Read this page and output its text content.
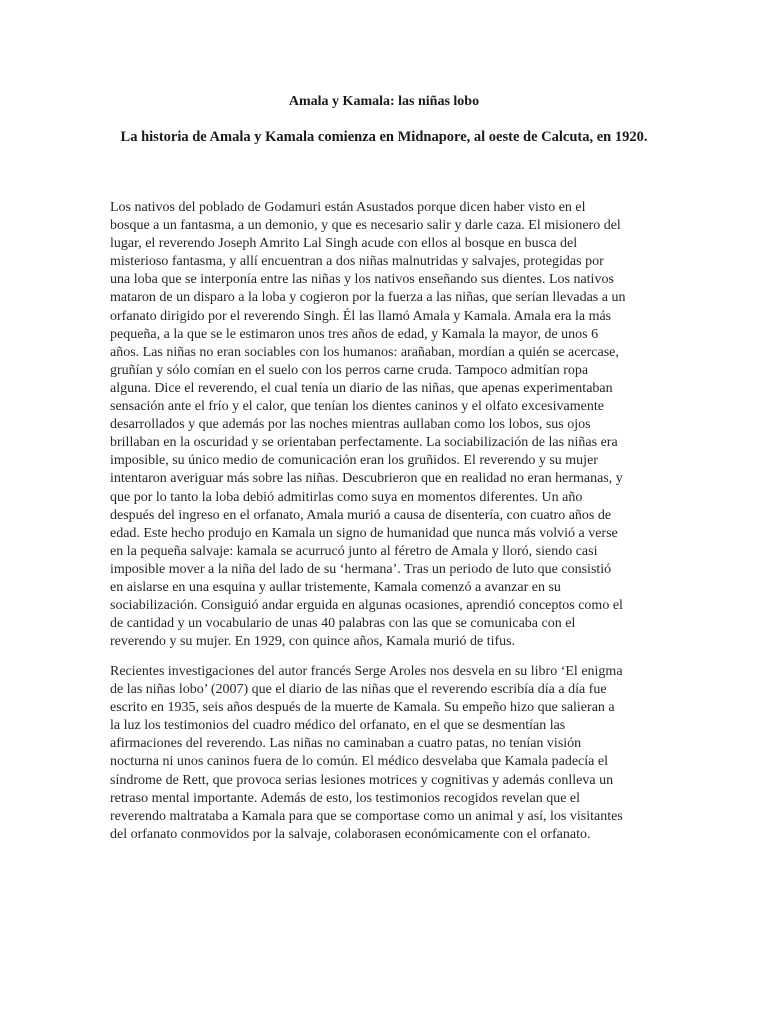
Amala y Kamala: las niñas lobo
La historia de Amala y Kamala comienza en Midnapore, al oeste de Calcuta, en 1920.
Los nativos del poblado de Godamuri están Asustados porque dicen haber visto en el
bosque a un fantasma, a un demonio, y que es necesario salir y darle caza. El misionero del
lugar, el reverendo Joseph Amrito Lal Singh acude con ellos al bosque en busca del
misterioso fantasma, y allí encuentran a dos niñas malnutridas y salvajes, protegidas por
una loba que se interponía entre las niñas y los nativos enseñando sus dientes. Los nativos
mataron de un disparo a la loba y cogieron por la fuerza a las niñas, que serían llevadas a un
orfanato dirigido por el reverendo Singh. Él las llamó Amala y Kamala. Amala era la más
pequeña, a la que se le estimaron unos tres años de edad, y Kamala la mayor, de unos 6
años. Las niñas no eran sociables con los humanos: arañaban, mordían a quién se acercase,
gruñían y sólo comían en el suelo con los perros carne cruda. Tampoco admitían ropa
alguna. Dice el reverendo, el cual tenía un diario de las niñas, que apenas experimentaban
sensación ante el frío y el calor, que tenían los dientes caninos y el olfato excesivamente
desarrollados y que además por las noches mientras aullaban como los lobos, sus ojos
brillaban en la oscuridad y se orientaban perfectamente. La sociabilización de las niñas era
imposible, su único medio de comunicación eran los gruñidos. El reverendo y su mujer
intentaron averiguar más sobre las niñas. Descubrieron que en realidad no eran hermanas, y
que por lo tanto la loba debió admitirlas como suya en momentos diferentes. Un año
después del ingreso en el orfanato, Amala murió a causa de disentería, con cuatro años de
edad. Este hecho produjo en Kamala un signo de humanidad que nunca más volvió a verse
en la pequeña salvaje: kamala se acurrucó junto al féretro de Amala y lloró, siendo casi
imposible mover a la niña del lado de su ‘hermana’. Tras un periodo de luto que consistió
en aislarse en una esquina y aullar tristemente, Kamala comenzó a avanzar en su
sociabilización. Consiguió andar erguida en algunas ocasiones, aprendió conceptos como el
de cantidad y un vocabulario de unas 40 palabras con las que se comunicaba con el
reverendo y su mujer. En 1929, con quince años, Kamala murió de tifus.
Recientes investigaciones del autor francés Serge Aroles nos desvela en su libro ‘El enigma
de las niñas lobo’ (2007) que el diario de las niñas que el reverendo escribía día a día fue
escrito en 1935, seis años después de la muerte de Kamala. Su empeño hizo que salieran a
la luz los testimonios del cuadro médico del orfanato, en el que se desmentían las
afirmaciones del reverendo. Las niñas no caminaban a cuatro patas, no tenían visión
nocturna ni unos caninos fuera de lo común. El médico desvelaba que Kamala padecía el
síndrome de Rett, que provoca serias lesiones motrices y cognitivas y además conlleva un
retraso mental importante. Además de esto, los testimonios recogidos revelan que el
reverendo maltrataba a Kamala para que se comportase como un animal y así, los visitantes
del orfanato conmovidos por la salvaje, colaborasen económicamente con el orfanato.
